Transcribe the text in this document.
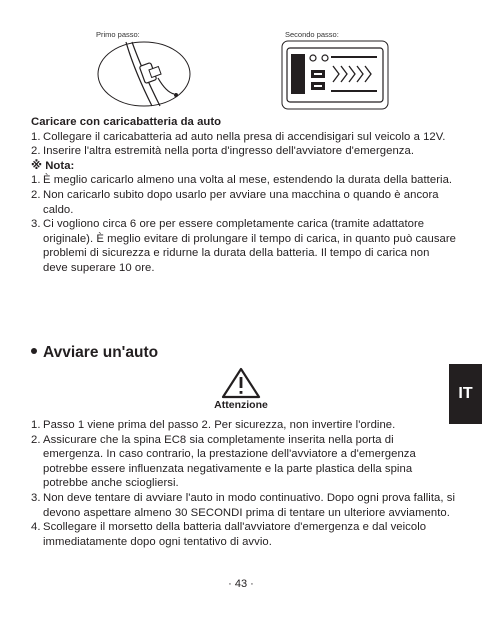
Primo passo:	Secondo passo:
Caricare con caricabatteria da auto
1. Collegare il caricabatteria ad auto nella presa di accendisigari sul veicolo a 12V.
2. Inserire l'altra estremità nella porta d'ingresso dell'avviatore d'emergenza.
※ Nota:
1. È meglio caricarlo almeno una volta al mese, estendendo la durata della batteria.
2. Non caricarlo subito dopo usarlo per avviare una macchina o quando è ancora caldo.
3. Ci vogliono circa 6 ore per essere completamente carica (tramite adattatore originale). È meglio evitare di prolungare il tempo di carica, in quanto può causare problemi di sicurezza e ridurne la durata della batteria. Il tempo di carica non deve superare 10 ore.
Avviare un'auto
Attenzione
1. Passo 1 viene prima del passo 2. Per sicurezza, non invertire l'ordine.
2. Assicurare che la spina EC8 sia completamente inserita nella porta di emergenza. In caso contrario, la prestazione dell'avviatore a d'emergenza potrebbe essere influenzata negativamente e la parte plastica della spina potrebbe anche sciogliersi.
3. Non deve tentare di avviare l'auto in modo continuativo. Dopo ogni prova fallita, si devono aspettare almeno 30 SECONDI prima di tentare un ulteriore avviamento.
4. Scollegare il morsetto della batteria dall'avviatore d'emergenza e dal veicolo immediatamente dopo ogni tentativo di avvio.
IT
· 43 ·
